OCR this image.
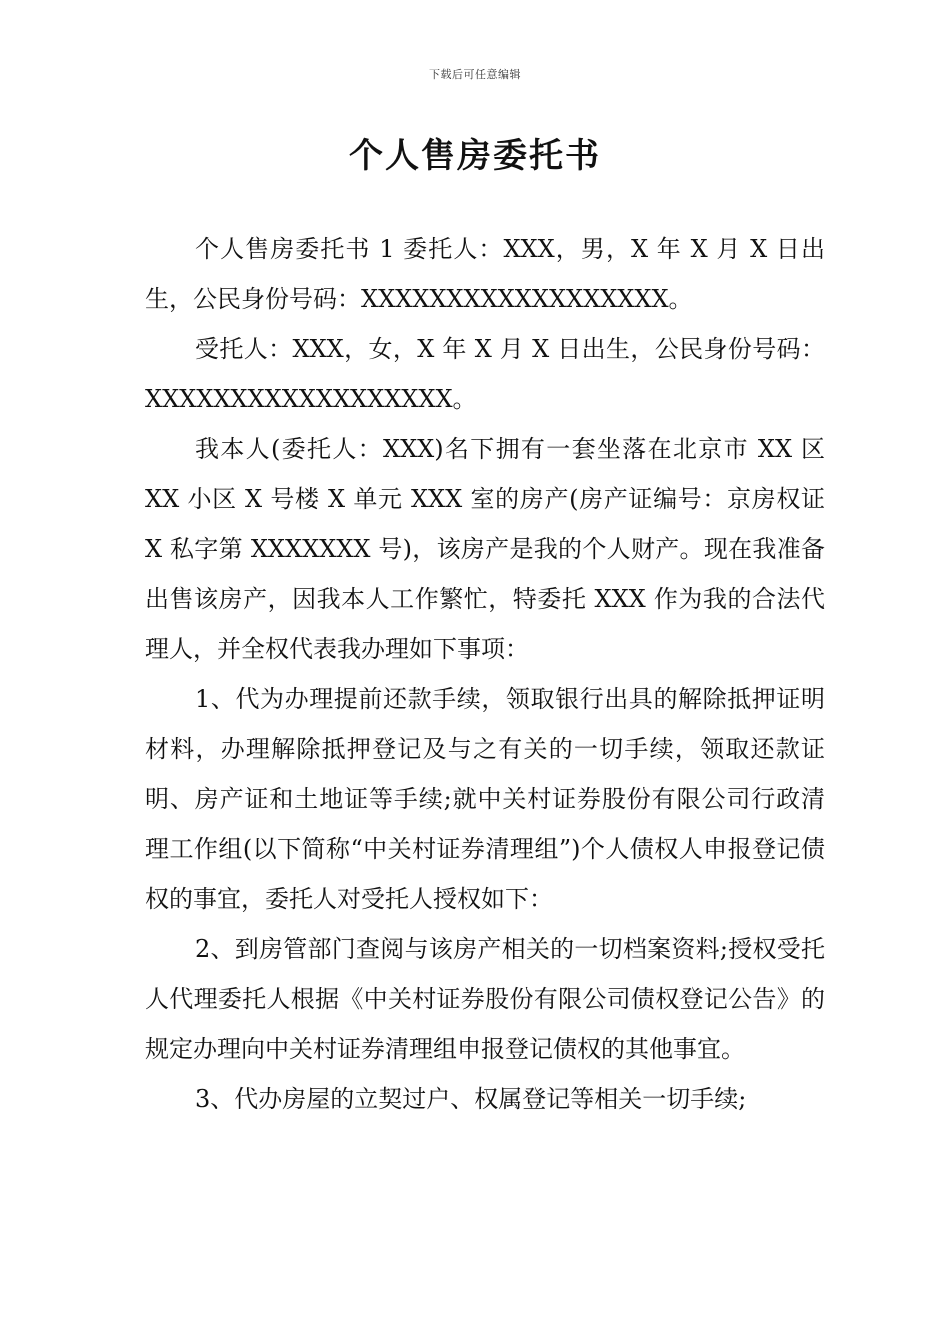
下载后可任意编辑
个人售房委托书

个人售房委托书 1 委托人：XXX，男，X 年 X 月 X 日出生，公民身份号码：XXXXXXXXXXXXXXXXXX。

受托人：XXX，女，X 年 X 月 X 日出生，公民身份号码：XXXXXXXXXXXXXXXXXX。

我本人(委托人：XXX)名下拥有一套坐落在北京市 XX 区 XX 小区 X 号楼 X 单元 XXX 室的房产(房产证编号：京房权证 X 私字第 XXXXXXX 号)，该房产是我的个人财产。现在我准备出售该房产，因我本人工作繁忙，特委托 XXX 作为我的合法代理人，并全权代表我办理如下事项：

1、代为办理提前还款手续，领取银行出具的解除抵押证明材料，办理解除抵押登记及与之有关的一切手续，领取还款证明、房产证和土地证等手续;就中关村证券股份有限公司行政清理工作组(以下简称“中关村证券清理组”)个人债权人申报登记债权的事宜，委托人对受托人授权如下：

2、到房管部门查阅与该房产相关的一切档案资料;授权受托人代理委托人根据《中关村证券股份有限公司债权登记公告》的规定办理向中关村证券清理组申报登记债权的其他事宜。

3、代办房屋的立契过户、权属登记等相关一切手续;
